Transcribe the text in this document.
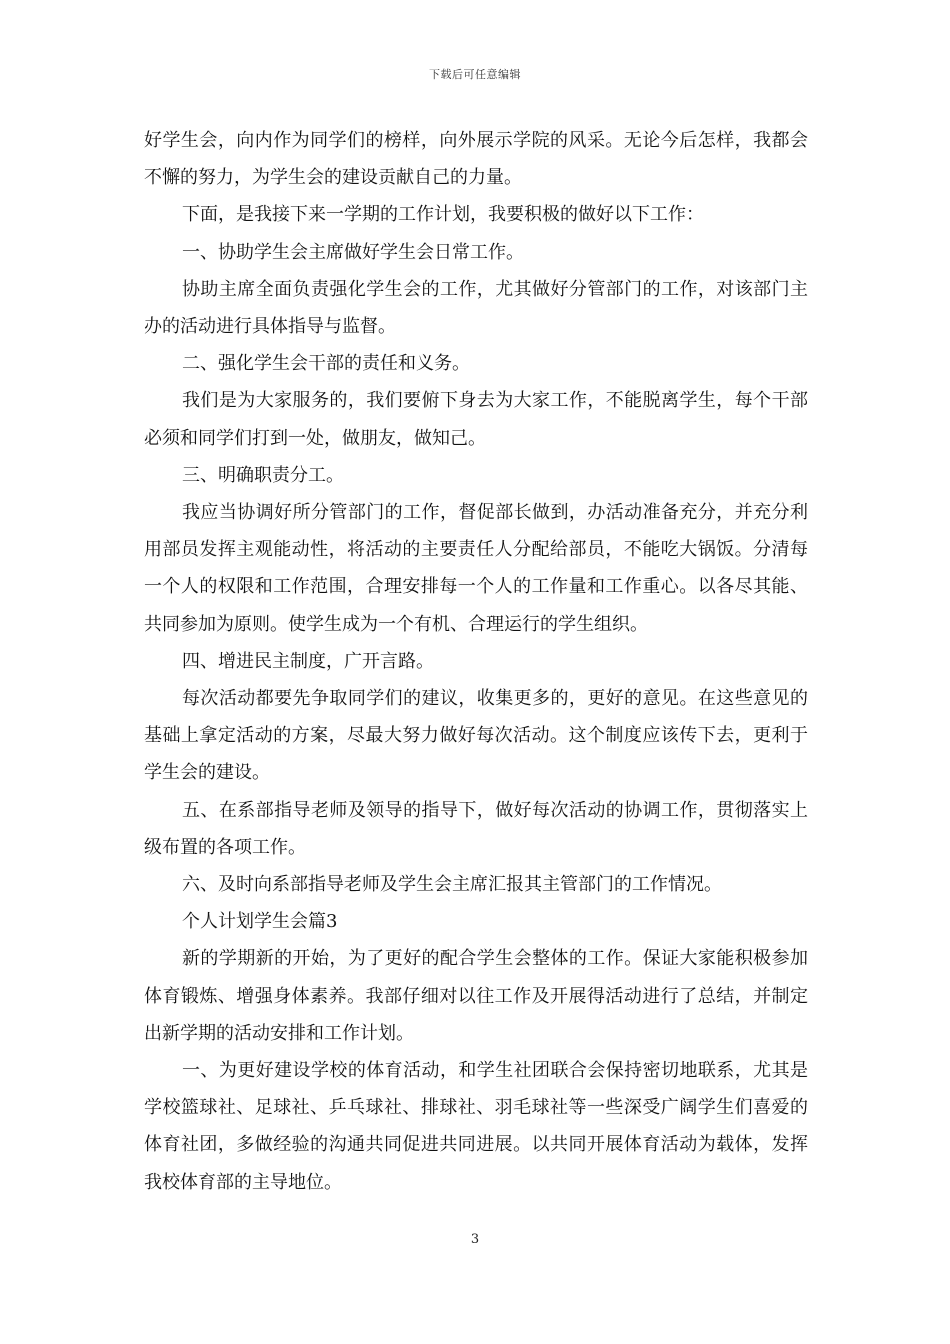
下载后可任意编辑

好学生会，向内作为同学们的榜样，向外展示学院的风采。无论今后怎样，我都会不懈的努力，为学生会的建设贡献自己的力量。

下面，是我接下来一学期的工作计划，我要积极的做好以下工作：

一、协助学生会主席做好学生会日常工作。

协助主席全面负责强化学生会的工作，尤其做好分管部门的工作，对该部门主办的活动进行具体指导与监督。

二、强化学生会干部的责任和义务。

我们是为大家服务的，我们要俯下身去为大家工作，不能脱离学生，每个干部必须和同学们打到一处，做朋友，做知己。

三、明确职责分工。

我应当协调好所分管部门的工作，督促部长做到，办活动准备充分，并充分利用部员发挥主观能动性，将活动的主要责任人分配给部员，不能吃大锅饭。分清每一个人的权限和工作范围，合理安排每一个人的工作量和工作重心。以各尽其能、共同参加为原则。使学生成为一个有机、合理运行的学生组织。

四、增进民主制度，广开言路。

每次活动都要先争取同学们的建议，收集更多的，更好的意见。在这些意见的基础上拿定活动的方案，尽最大努力做好每次活动。这个制度应该传下去，更利于学生会的建设。

五、在系部指导老师及领导的指导下，做好每次活动的协调工作，贯彻落实上级布置的各项工作。

六、及时向系部指导老师及学生会主席汇报其主管部门的工作情况。

个人计划学生会篇3

新的学期新的开始，为了更好的配合学生会整体的工作。保证大家能积极参加体育锻炼、增强身体素养。我部仔细对以往工作及开展得活动进行了总结，并制定出新学期的活动安排和工作计划。

一、为更好建设学校的体育活动，和学生社团联合会保持密切地联系，尤其是学校篮球社、足球社、乒乓球社、排球社、羽毛球社等一些深受广阔学生们喜爱的体育社团，多做经验的沟通共同促进共同进展。以共同开展体育活动为载体，发挥我校体育部的主导地位。

3
